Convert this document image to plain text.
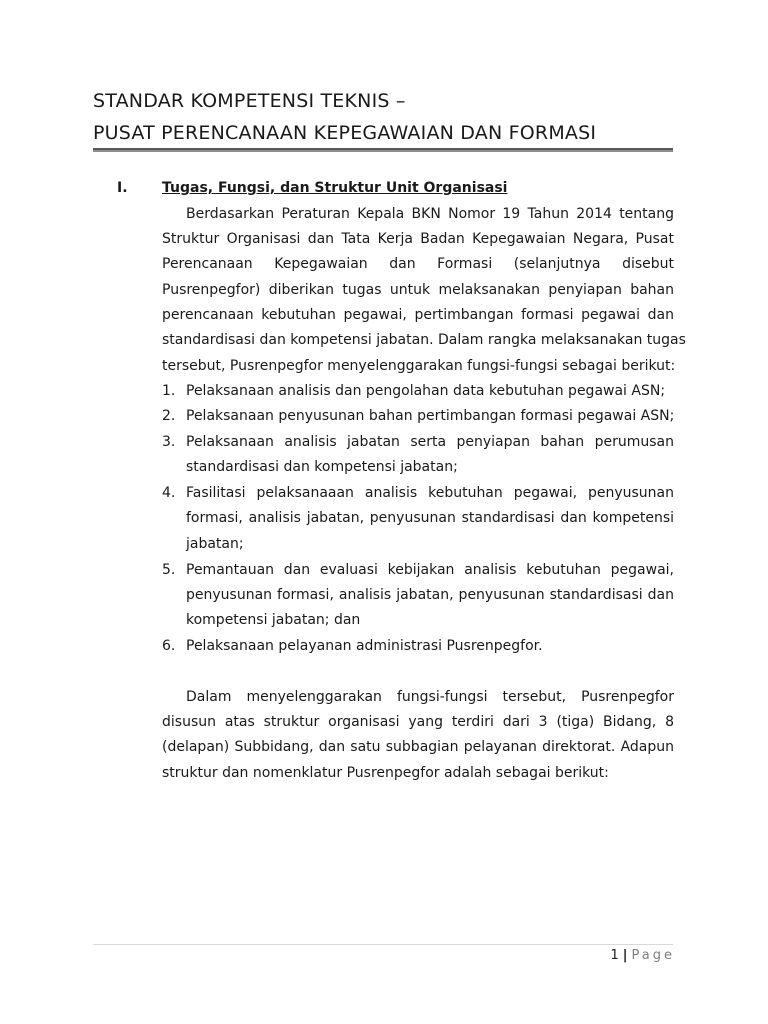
STANDAR KOMPETENSI TEKNIS –
PUSAT PERENCANAAN KEPEGAWAIAN DAN FORMASI
I. Tugas, Fungsi, dan Struktur Unit Organisasi
Berdasarkan Peraturan Kepala BKN Nomor 19 Tahun 2014 tentang
Struktur Organisasi dan Tata Kerja Badan Kepegawaian Negara, Pusat
Perencanaan Kepegawaian dan Formasi (selanjutnya disebut
Pusrenpegfor) diberikan tugas untuk melaksanakan penyiapan bahan
perencanaan kebutuhan pegawai, pertimbangan formasi pegawai dan
standardisasi dan kompetensi jabatan. Dalam rangka melaksanakan tugas
tersebut, Pusrenpegfor menyelenggarakan fungsi-fungsi sebagai berikut:
1. Pelaksanaan analisis dan pengolahan data kebutuhan pegawai ASN;
2. Pelaksanaan penyusunan bahan pertimbangan formasi pegawai ASN;
3. Pelaksanaan analisis jabatan serta penyiapan bahan perumusan
standardisasi dan kompetensi jabatan;
4. Fasilitasi pelaksanaaan analisis kebutuhan pegawai, penyusunan
formasi, analisis jabatan, penyusunan standardisasi dan kompetensi
jabatan;
5. Pemantauan dan evaluasi kebijakan analisis kebutuhan pegawai,
penyusunan formasi, analisis jabatan, penyusunan standardisasi dan
kompetensi jabatan; dan
6. Pelaksanaan pelayanan administrasi Pusrenpegfor.
Dalam menyelenggarakan fungsi-fungsi tersebut, Pusrenpegfor
disusun atas struktur organisasi yang terdiri dari 3 (tiga) Bidang, 8
(delapan) Subbidang, dan satu subbagian pelayanan direktorat. Adapun
struktur dan nomenklatur Pusrenpegfor adalah sebagai berikut:
1 | Page
